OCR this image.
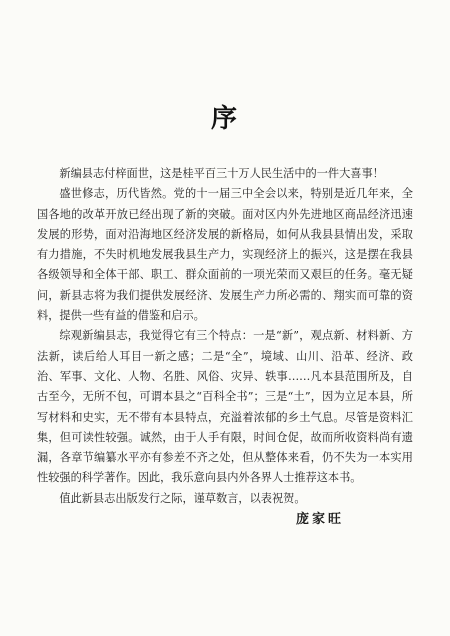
序

新编县志付梓面世，这是桂平百三十万人民生活中的一件大喜事！

盛世修志，历代皆然。党的十一届三中全会以来，特别是近几年来，全国各地的改革开放已经出现了新的突破。面对区内外先进地区商品经济迅速发展的形势，面对沿海地区经济发展的新格局，如何从我县县情出发，采取有力措施，不失时机地发展我县生产力，实现经济上的振兴，这是摆在我县各级领导和全体干部、职工、群众面前的一项光荣而又艰巨的任务。毫无疑问，新县志将为我们提供发展经济、发展生产力所必需的、翔实而可靠的资料，提供一些有益的借鉴和启示。

综观新编县志，我觉得它有三个特点：一是“新”，观点新、材料新、方法新，读后给人耳目一新之感；二是“全”，境域、山川、沿革、经济、政治、军事、文化、人物、名胜、风俗、灾异、轶事……凡本县范围所及，自古至今，无所不包，可谓本县之“百科全书”；三是“土”，因为立足本县，所写材料和史实，无不带有本县特点，充溢着浓郁的乡土气息。尽管是资料汇集，但可读性较强。诚然，由于人手有限，时间仓促，故而所收资料尚有遗漏，各章节编纂水平亦有参差不齐之处，但从整体来看，仍不失为一本实用性较强的科学著作。因此，我乐意向县内外各界人士推荐这本书。

值此新县志出版发行之际，谨草数言，以表祝贺。

庞家旺
